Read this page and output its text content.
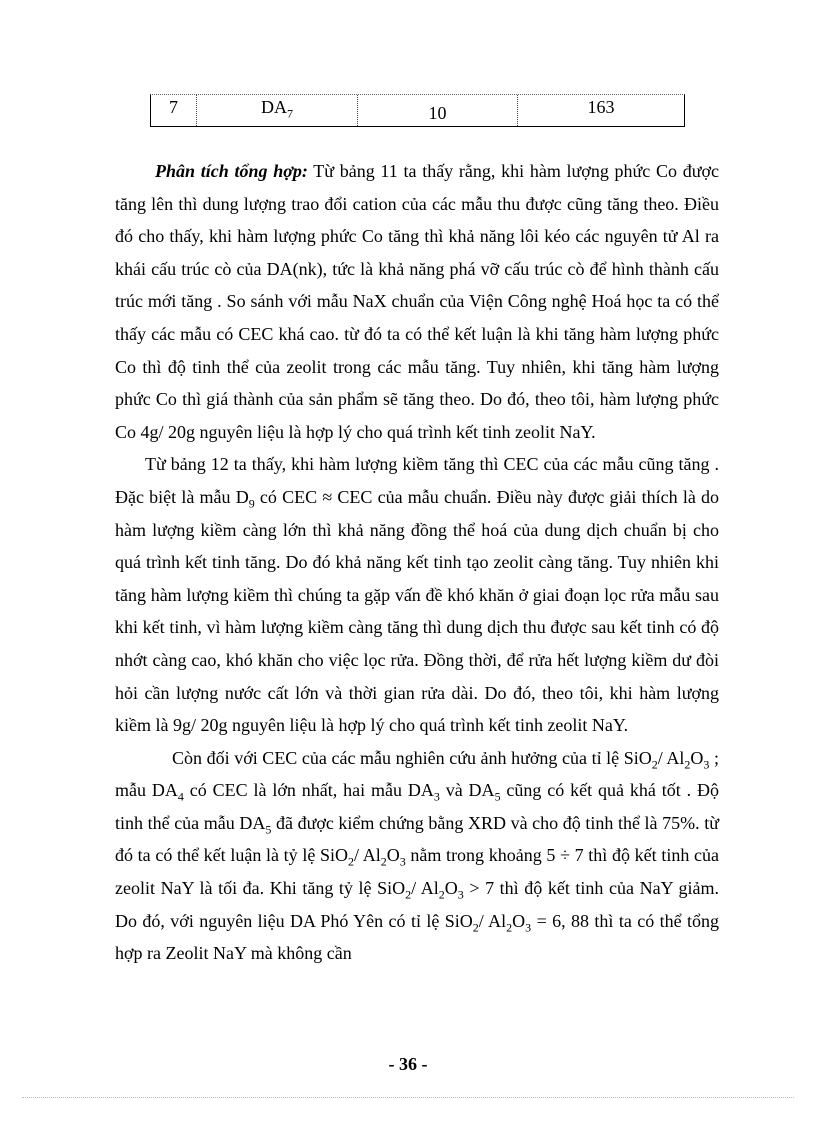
7	$DA_7$	10	163

Phân tích tổng hợp: Từ bảng 11 ta thấy rằng, khi hàm lượng phức Co được tăng lên thì dung lượng trao đổi cation của các mẫu thu được cũng tăng theo. Điều đó cho thấy, khi hàm lượng phức Co tăng thì khả năng lôi kéo các nguyên tử Al ra khái cấu trúc cò của DA(nk), tức là khả năng phá vỡ cấu trúc cò để hình thành cấu trúc mới tăng . So sánh với mẫu NaX chuẩn của Viện Công nghệ Hoá học ta có thể thấy các mẫu có CEC khá cao. từ đó ta có thể kết luận là khi tăng hàm lượng phức Co thì độ tinh thể của zeolit trong các mẫu tăng. Tuy nhiên, khi tăng hàm lượng phức Co thì giá thành của sản phẩm sẽ tăng theo. Do đó, theo tôi, hàm lượng phức Co 4g/ 20g nguyên liệu là hợp lý cho quá trình kết tinh zeolit NaY.

Từ bảng 12 ta thấy, khi hàm lượng kiềm tăng thì CEC của các mẫu cũng tăng . Đặc biệt là mẫu $D_9$ có CEC ≈ CEC của mẫu chuẩn. Điều này được giải thích là do hàm lượng kiềm càng lớn thì khả năng đồng thể hoá của dung dịch chuẩn bị cho quá trình kết tinh tăng. Do đó khả năng kết tinh tạo zeolit càng tăng. Tuy nhiên khi tăng hàm lượng kiềm thì chúng ta gặp vấn đề khó khăn ở giai đoạn lọc rửa mẫu sau khi kết tinh, vì hàm lượng kiềm càng tăng thì dung dịch thu được sau kết tinh có độ nhớt càng cao, khó khăn cho việc lọc rửa. Đồng thời, để rửa hết lượng kiềm dư đòi hỏi cần lượng nước cất lớn và thời gian rửa dài. Do đó, theo tôi, khi hàm lượng kiềm là 9g/ 20g nguyên liệu là hợp lý cho quá trình kết tinh zeolit NaY.

Còn đối với CEC của các mẫu nghiên cứu ảnh hưởng của tỉ lệ SiO$_2$/ $Al_2O_3$ ; mẫu $DA_4$ có CEC là lớn nhất, hai mẫu $DA_3$ và $DA_5$ cũng có kết quả khá tốt . Độ tinh thể của mẫu $DA_5$ đã được kiểm chứng bằng XRD và cho độ tinh thể là 75%. từ đó ta có thể kết luận là tỷ lệ SiO$_2$/ $Al_2O_3$ nằm trong khoảng 5 ÷ 7 thì độ kết tinh của zeolit NaY là tối đa. Khi tăng tỷ lệ SiO$_2$/ $Al_2O_3 > 7$ thì độ kết tinh của NaY giảm. Do đó, với nguyên liệu DA Phó Yên có tỉ lệ SiO$_2$/ $Al_2O_3 = 6$, 88 thì ta có thể tổng hợp ra Zeolit NaY mà không cần

- 36 -
